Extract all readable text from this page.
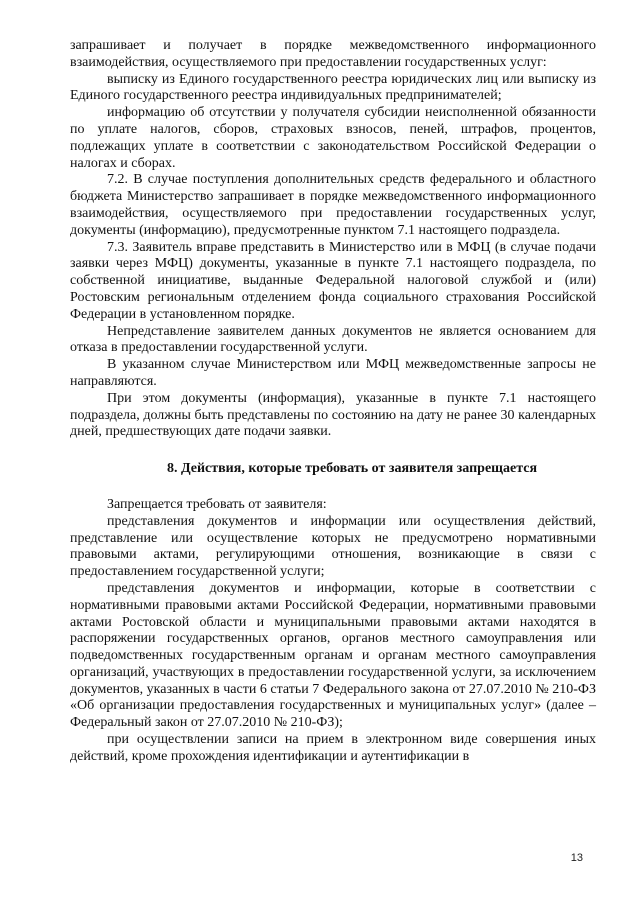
запрашивает и получает в порядке межведомственного информационного взаимодействия, осуществляемого при предоставлении государственных услуг:

выписку из Единого государственного реестра юридических лиц или выписку из Единого государственного реестра индивидуальных предпринимателей;

информацию об отсутствии у получателя субсидии неисполненной обязанности по уплате налогов, сборов, страховых взносов, пеней, штрафов, процентов, подлежащих уплате в соответствии с законодательством Российской Федерации о налогах и сборах.

7.2. В случае поступления дополнительных средств федерального и областного бюджета Министерство запрашивает в порядке межведомственного информационного взаимодействия, осуществляемого при предоставлении государственных услуг, документы (информацию), предусмотренные пунктом 7.1 настоящего подраздела.

7.3. Заявитель вправе представить в Министерство или в МФЦ (в случае подачи заявки через МФЦ) документы, указанные в пункте 7.1 настоящего подраздела, по собственной инициативе, выданные Федеральной налоговой службой и (или) Ростовским региональным отделением фонда социального страхования Российской Федерации в установленном порядке.

Непредставление заявителем данных документов не является основанием для отказа в предоставлении государственной услуги.

В указанном случае Министерством или МФЦ межведомственные запросы не направляются.

При этом документы (информация), указанные в пункте 7.1 настоящего подраздела, должны быть представлены по состоянию на дату не ранее 30 календарных дней, предшествующих дате подачи заявки.

8. Действия, которые требовать от заявителя запрещается

Запрещается требовать от заявителя:

представления документов и информации или осуществления действий, представление или осуществление которых не предусмотрено нормативными правовыми актами, регулирующими отношения, возникающие в связи с предоставлением государственной услуги;

представления документов и информации, которые в соответствии с нормативными правовыми актами Российской Федерации, нормативными правовыми актами Ростовской области и муниципальными правовыми актами находятся в распоряжении государственных органов, органов местного самоуправления или подведомственных государственным органам и органам местного самоуправления организаций, участвующих в предоставлении государственной услуги, за исключением документов, указанных в части 6 статьи 7 Федерального закона от 27.07.2010 № 210-ФЗ «Об организации предоставления государственных и муниципальных услуг» (далее – Федеральный закон от 27.07.2010 № 210-ФЗ);

при осуществлении записи на прием в электронном виде совершения иных действий, кроме прохождения идентификации и аутентификации в

13
